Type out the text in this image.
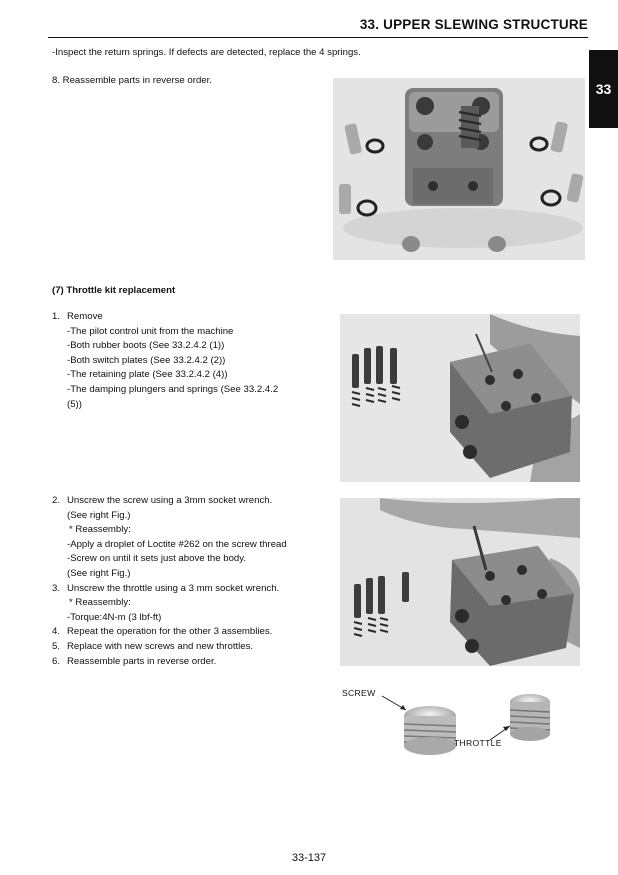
33. UPPER SLEWING STRUCTURE
33
-Inspect the return springs. If defects are detected, replace the 4 springs.
8. Reassemble parts in reverse order.
(7) Throttle kit replacement
1. Remove
-The pilot control unit from the machine
-Both rubber boots (See 33.2.4.2 (1))
-Both switch plates (See 33.2.4.2 (2))
-The retaining plate (See 33.2.4.2 (4))
-The damping plungers and springs (See 33.2.4.2
(5))
2. Unscrew the screw using a 3mm socket wrench.
(See right Fig.)
* Reassembly:
-Apply a droplet of Loctite #262 on the screw thread
-Screw on until it sets just above the body.
(See right Fig.)
3. Unscrew the throttle using a 3 mm socket wrench.
* Reassembly:
-Torque:4N-m (3 lbf-ft)
4. Repeat the operation for the other 3 assemblies.
5. Replace with new screws and new throttles.
6. Reassemble parts in reverse order.
SCREW
THROTTLE
33-137
